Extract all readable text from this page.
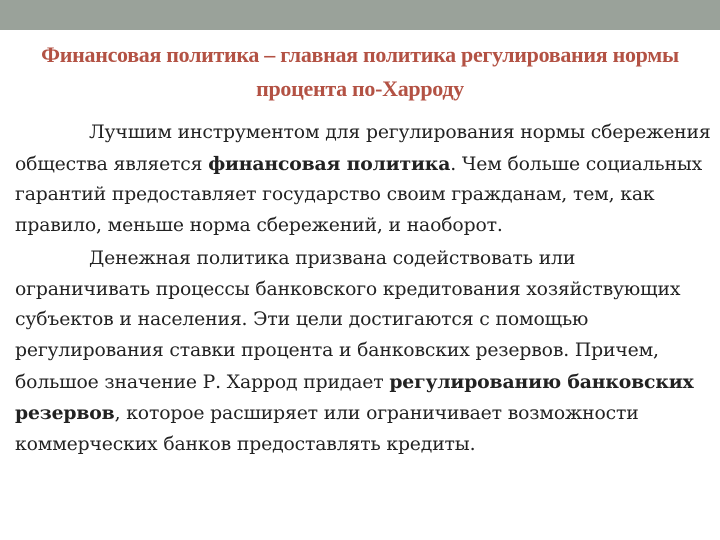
Финансовая политика – главная политика регулирования нормы процента по-Харроду

Лучшим инструментом для регулирования нормы сбережения общества является финансовая политика. Чем больше социальных гарантий предоставляет государство своим гражданам, тем, как правило, меньше норма сбережений, и наоборот.

Денежная политика призвана содействовать или ограничивать процессы банковского кредитования хозяйствующих субъектов и населения. Эти цели достигаются с помощью регулирования ставки процента и банковских резервов. Причем, большое значение Р. Харрод придает регулированию банковских резервов, которое расширяет или ограничивает возможности коммерческих банков предоставлять кредиты.
